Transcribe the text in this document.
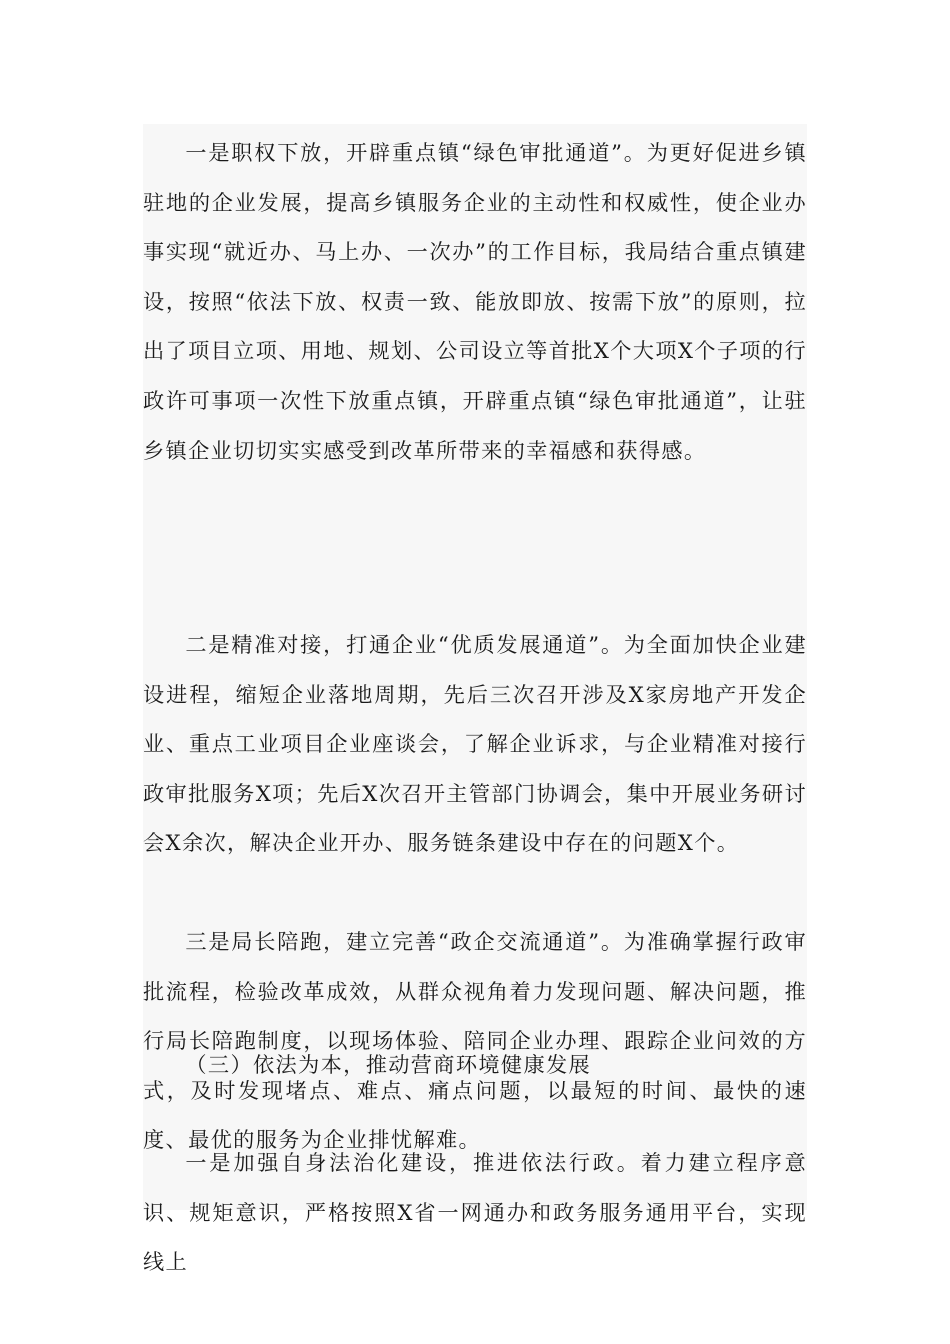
一是职权下放，开辟重点镇“绿色审批通道”。为更好促进乡镇驻地的企业发展，提高乡镇服务企业的主动性和权威性，使企业办事实现“就近办、马上办、一次办”的工作目标，我局结合重点镇建设，按照“依法下放、权责一致、能放即放、按需下放”的原则，拉出了项目立项、用地、规划、公司设立等首批X个大项X个子项的行政许可事项一次性下放重点镇，开辟重点镇“绿色审批通道”，让驻乡镇企业切切实实感受到改革所带来的幸福感和获得感。

二是精准对接，打通企业“优质发展通道”。为全面加快企业建设进程，缩短企业落地周期，先后三次召开涉及X家房地产开发企业、重点工业项目企业座谈会，了解企业诉求，与企业精准对接行政审批服务X项；先后X次召开主管部门协调会，集中开展业务研讨会X余次，解决企业开办、服务链条建设中存在的问题X个。

三是局长陪跑，建立完善“政企交流通道”。为准确掌握行政审批流程，检验改革成效，从群众视角着力发现问题、解决问题，推行局长陪跑制度，以现场体验、陪同企业办理、跟踪企业问效的方式，及时发现堵点、难点、痛点问题，以最短的时间、最快的速度、最优的服务为企业排忧解难。

（三）依法为本，推动营商环境健康发展

一是加强自身法治化建设，推进依法行政。着力建立程序意识、规矩意识，严格按照X省一网通办和政务服务通用平台，实现线上
